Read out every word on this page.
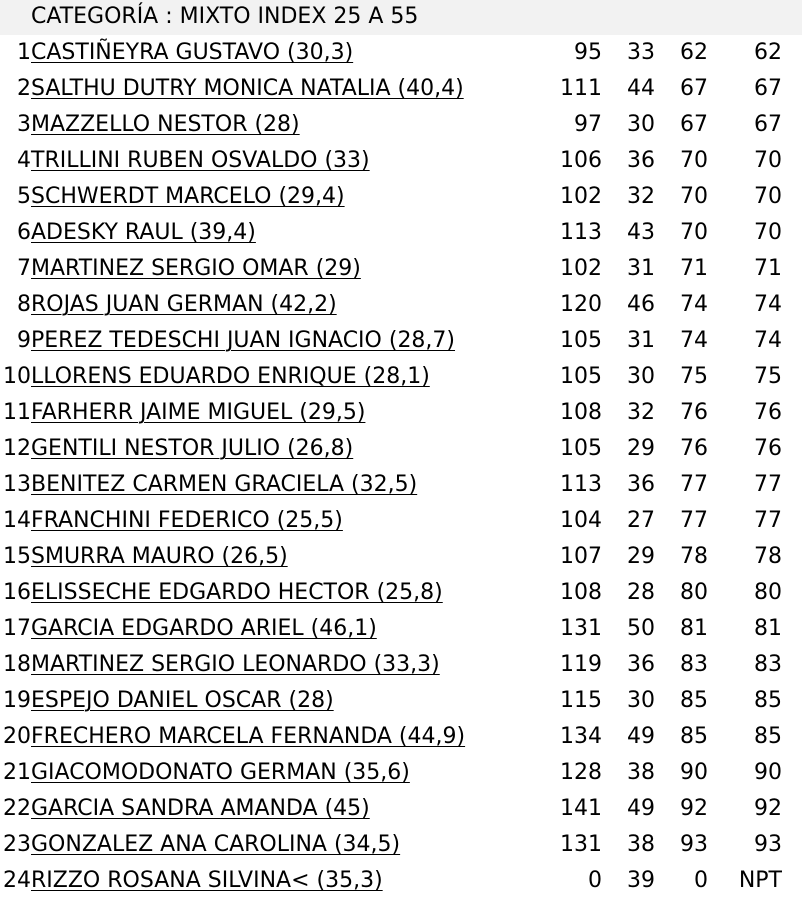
CATEGORÍA : MIXTO INDEX 25 A 55
1 CASTIÑEYRA GUSTAVO (30,3)	95	33	62	62
2 SALTHU DUTRY MONICA NATALIA (40,4)	111	44	67	67
3 MAZZELLO NESTOR (28)	97	30	67	67
4 TRILLINI RUBEN OSVALDO (33)	106	36	70	70
5 SCHWERDT MARCELO (29,4)	102	32	70	70
6 ADESKY RAUL (39,4)	113	43	70	70
7 MARTINEZ SERGIO OMAR (29)	102	31	71	71
8 ROJAS JUAN GERMAN (42,2)	120	46	74	74
9 PEREZ TEDESCHI JUAN IGNACIO (28,7)	105	31	74	74
10 LLORENS EDUARDO ENRIQUE (28,1)	105	30	75	75
11 FARHERR JAIME MIGUEL (29,5)	108	32	76	76
12 GENTILI NESTOR JULIO (26,8)	105	29	76	76
13 BENITEZ CARMEN GRACIELA (32,5)	113	36	77	77
14 FRANCHINI FEDERICO (25,5)	104	27	77	77
15 SMURRA MAURO (26,5)	107	29	78	78
16 ELISSECHE EDGARDO HECTOR (25,8)	108	28	80	80
17 GARCIA EDGARDO ARIEL (46,1)	131	50	81	81
18 MARTINEZ SERGIO LEONARDO (33,3)	119	36	83	83
19 ESPEJO DANIEL OSCAR (28)	115	30	85	85
20 FRECHERO MARCELA FERNANDA (44,9)	134	49	85	85
21 GIACOMODONATO GERMAN (35,6)	128	38	90	90
22 GARCIA SANDRA AMANDA (45)	141	49	92	92
23 GONZALEZ ANA CAROLINA (34,5)	131	38	93	93
24 RIZZO ROSANA SILVINA< (35,3)	0	39	0	NPT
